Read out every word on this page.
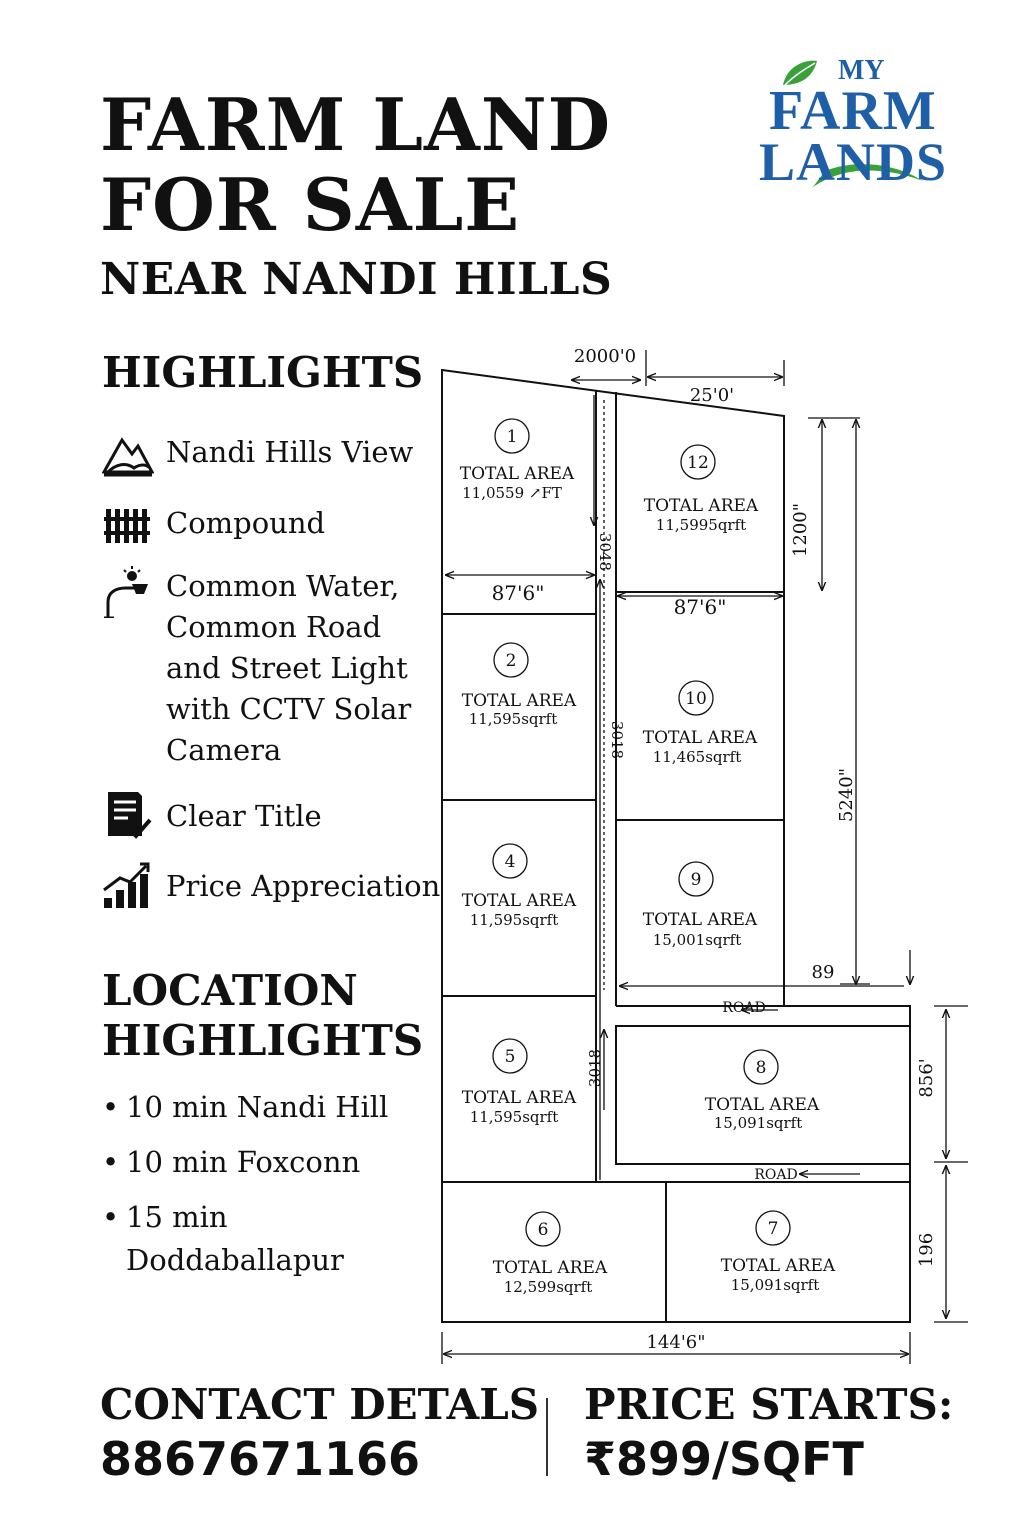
FARM LAND
FOR SALE
NEAR NANDI HILLS
MY
FARM
LANDS
HIGHLIGHTS
Nandi Hills View
Compound
Common Water, Common Road and Street Light with CCTV Solar Camera
Clear Title
Price Appreciation
LOCATION
HIGHLIGHTS
• 10 min Nandi Hill
• 10 min Foxconn
• 15 min Doddaballapur
2000'0
25'0'
87'6"
87'6"
89
144'6"
1200"
5240"
856'
196
3048
3018
3018
ROAD
ROAD
1
TOTAL AREA
11,0559 ↗FT
12
TOTAL AREA
11,5995qrft
2
TOTAL AREA
11,595sqrft
10
TOTAL AREA
11,465sqrft
4
TOTAL AREA
11,595sqrft
9
TOTAL AREA
15,001sqrft
5
TOTAL AREA
11,595sqrft
8
TOTAL AREA
15,091sqrft
6
TOTAL AREA
12,599sqrft
7
TOTAL AREA
15,091sqrft
CONTACT DETALS
8867671166
PRICE STARTS:
₹899/SQFT
